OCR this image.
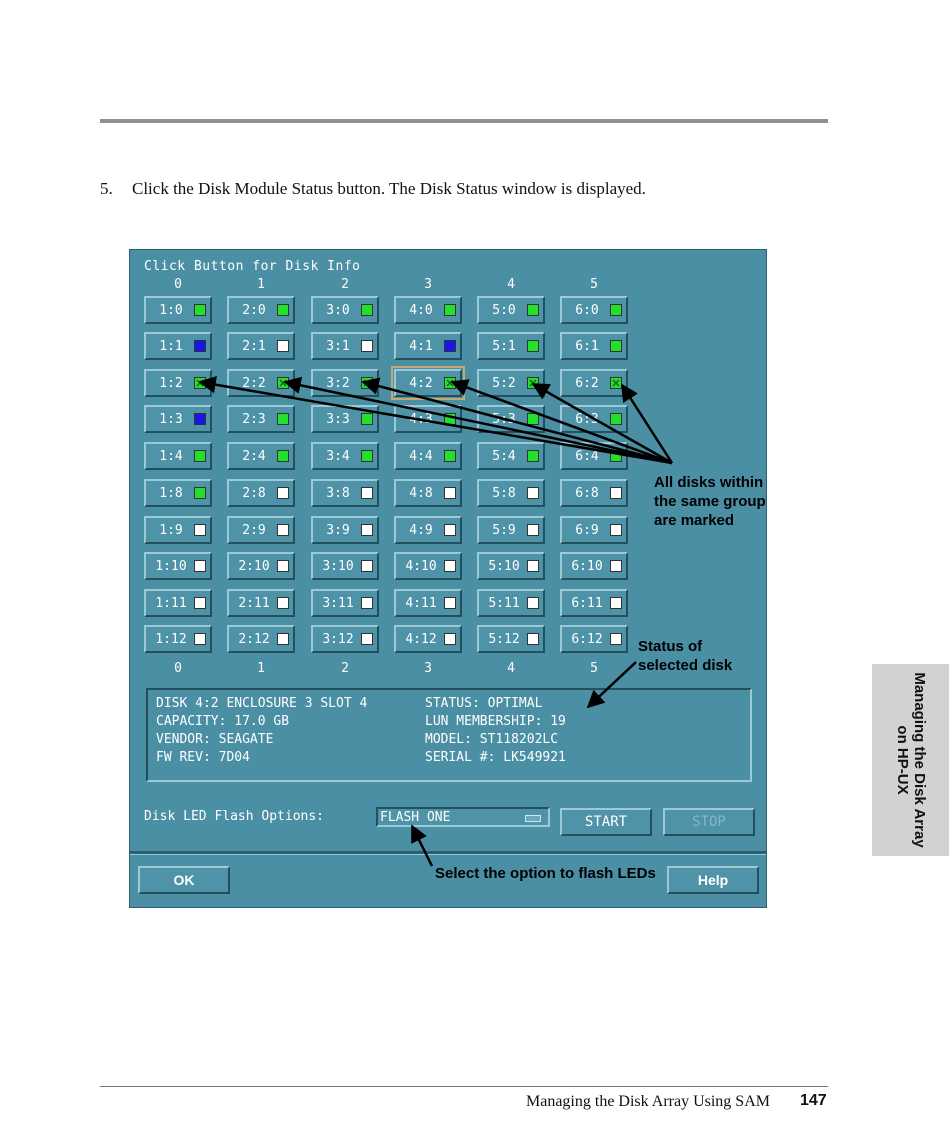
5. Click the Disk Module Status button. The Disk Status window is displayed.
Click Button for Disk Info
0
0
1
1
2
2
3
3
4
4
5
5
1:0	2:0	3:0	4:0	5:0	6:0
1:1	2:1	3:1	4:1	5:1	6:1
1:2	2:2	3:2	4:2	5:2	6:2
1:3	2:3	3:3	4:3	5:3	6:3
1:4	2:4	3:4	4:4	5:4	6:4
1:8	2:8	3:8	4:8	5:8	6:8
1:9	2:9	3:9	4:9	5:9	6:9
1:10	2:10	3:10	4:10	5:10	6:10
1:11	2:11	3:11	4:11	5:11	6:11
1:12	2:12	3:12	4:12	5:12	6:12
DISK 4:2 ENCLOSURE 3 SLOT 4
CAPACITY: 17.0 GB
VENDOR: SEAGATE
FW REV: 7D04
STATUS: OPTIMAL
LUN MEMBERSHIP: 19
MODEL: ST118202LC
SERIAL #: LK549921
Disk LED Flash Options:	FLASH ONE	START	STOP
OK	Help
All disks within
the same group
are marked
Status of
selected disk
Select the option to flash LEDs
Managing the Disk Array
on HP-UX
Managing the Disk Array Using SAM 147
